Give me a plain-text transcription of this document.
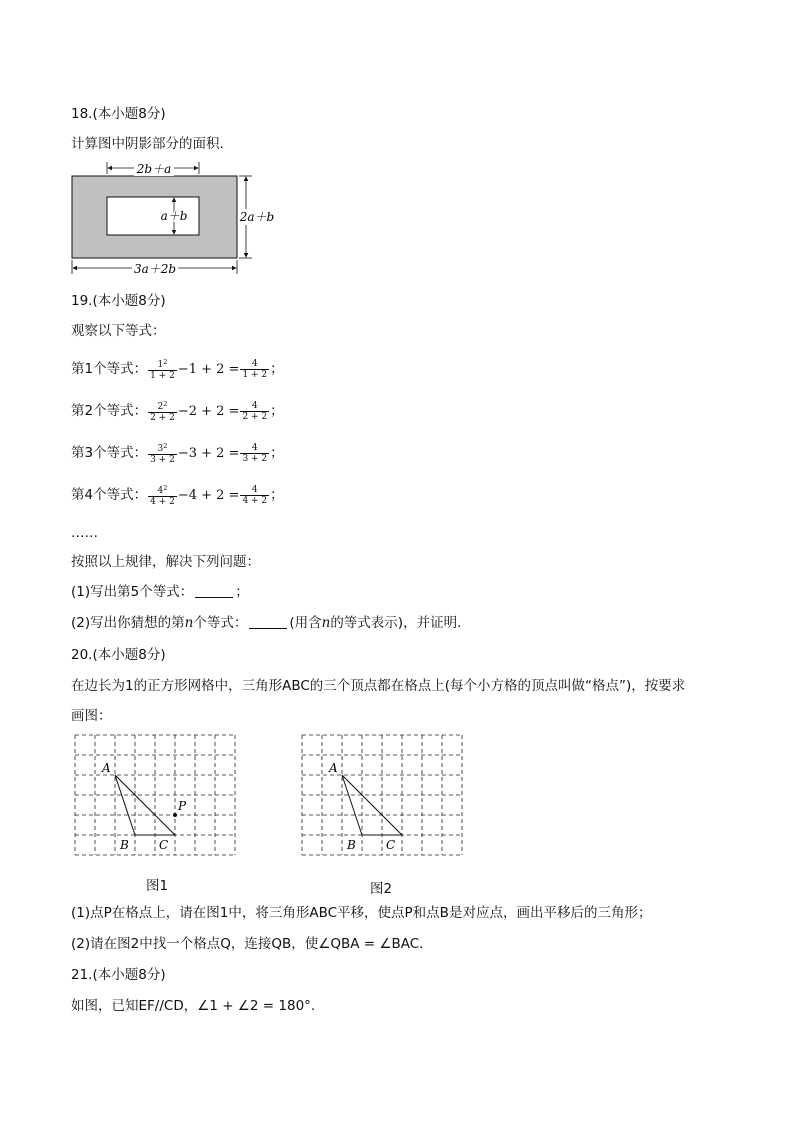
18.(本小题8分)
计算图中阴影部分的面积．
2b＋a
a＋b	2a＋b
3a＋2b
19.(本小题8分)
观察以下等式：
第1个等式： $\frac{1^2}{1 + 2} -1 + 2 = \frac{4}{1 + 2}$ ；
第2个等式： $\frac{2^2}{2 + 2} -2 + 2 = \frac{4}{2 + 2}$ ；
第3个等式： $\frac{3^2}{3 + 2} -3 + 2 = \frac{4}{3 + 2}$ ；
第4个等式： $\frac{4^2}{4 + 2} -4 + 2 = \frac{4}{4 + 2}$ ；
……
按照以上规律，解决下列问题：
(1)写出第5个等式：	；
(2)写出你猜想的第n个等式：	(用含n的等式表示)，并证明．
20.(本小题8分)
在边长为1的正方形网格中，三角形ABC的三个顶点都在格点上(每个小方格的顶点叫做“格点”)，按要求
画图：
A
B	C
P
图1
A
B	C
图2
(1)点P在格点上，请在图1中，将三角形ABC平移，使点P和点B是对应点，画出平移后的三角形；
(2)请在图2中找一个格点Q，连接QB，使∠QBA = ∠BAC．
21.(本小题8分)
如图，已知EF//CD，∠1 + ∠2 = 180°.
